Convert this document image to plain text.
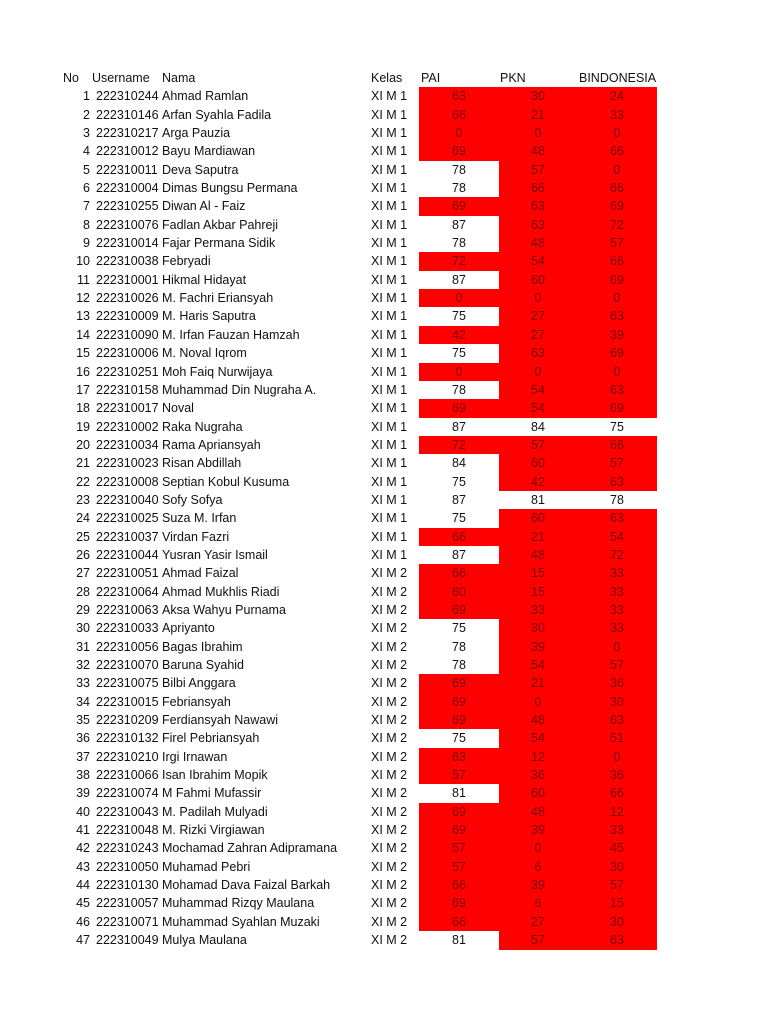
No Username Nama	Kelas	PAI	PKN	BINDONESIA
1 222310244 Ahmad Ramlan	XI M 1	63	30	24
2 222310146 Arfan Syahla Fadila	XI M 1	66	21	33
3 222310217 Arga Pauzia	XI M 1	0	0	0
4 222310012 Bayu Mardiawan	XI M 1	69	48	66
5 222310011 Deva Saputra	XI M 1	78	57	0
6 222310004 Dimas Bungsu Permana	XI M 1	78	66	66
7 222310255 Diwan Al - Faiz	XI M 1	69	63	69
8 222310076 Fadlan Akbar Pahreji	XI M 1	87	63	72
9 222310014 Fajar Permana Sidik	XI M 1	78	48	57
10 222310038 Febryadi	XI M 1	72	54	66
11 222310001 Hikmal Hidayat	XI M 1	87	60	69
12 222310026 M. Fachri Eriansyah	XI M 1	0	0	0
13 222310009 M. Haris Saputra	XI M 1	75	27	63
14 222310090 M. Irfan Fauzan Hamzah	XI M 1	42	27	39
15 222310006 M. Noval Iqrom	XI M 1	75	63	69
16 222310251 Moh Faiq Nurwijaya	XI M 1	0	0	0
17 222310158 Muhammad Din Nugraha A.	XI M 1	78	54	63
18 222310017 Noval	XI M 1	69	54	69
19 222310002 Raka Nugraha	XI M 1	87	84	75
20 222310034 Rama Apriansyah	XI M 1	72	57	66
21 222310023 Risan Abdillah	XI M 1	84	60	57
22 222310008 Septian Kobul Kusuma	XI M 1	75	42	63
23 222310040 Sofy Sofya	XI M 1	87	81	78
24 222310025 Suza M. Irfan	XI M 1	75	60	63
25 222310037 Virdan Fazri	XI M 1	66	21	54
26 222310044 Yusran Yasir Ismail	XI M 1	87	48	72
27 222310051 Ahmad Faizal	XI M 2	66	15	33
28 222310064 Ahmad Mukhlis Riadi	XI M 2	60	15	33
29 222310063 Aksa Wahyu Purnama	XI M 2	69	33	33
30 222310033 Apriyanto	XI M 2	75	30	33
31 222310056 Bagas Ibrahim	XI M 2	78	39	0
32 222310070 Baruna Syahid	XI M 2	78	54	57
33 222310075 Bilbi Anggara	XI M 2	69	21	36
34 222310015 Febriansyah	XI M 2	69	0	30
35 222310209 Ferdiansyah Nawawi	XI M 2	69	48	63
36 222310132 Firel Pebriansyah	XI M 2	75	54	51
37 222310210 Irgi Irnawan	XI M 2	63	12	0
38 222310066 Isan Ibrahim Mopik	XI M 2	57	36	36
39 222310074 M Fahmi Mufassir	XI M 2	81	60	66
40 222310043 M. Padilah Mulyadi	XI M 2	69	48	12
41 222310048 M. Rizki Virgiawan	XI M 2	69	39	33
42 222310243 Mochamad Zahran Adipramana	XI M 2	57	0	45
43 222310050 Muhamad Pebri	XI M 2	57	6	30
44 222310130 Mohamad Dava Faizal Barkah	XI M 2	66	39	57
45 222310057 Muhammad Rizqy Maulana	XI M 2	69	6	15
46 222310071 Muhammad Syahlan Muzaki	XI M 2	66	27	30
47 222310049 Mulya Maulana	XI M 2	81	57	63
